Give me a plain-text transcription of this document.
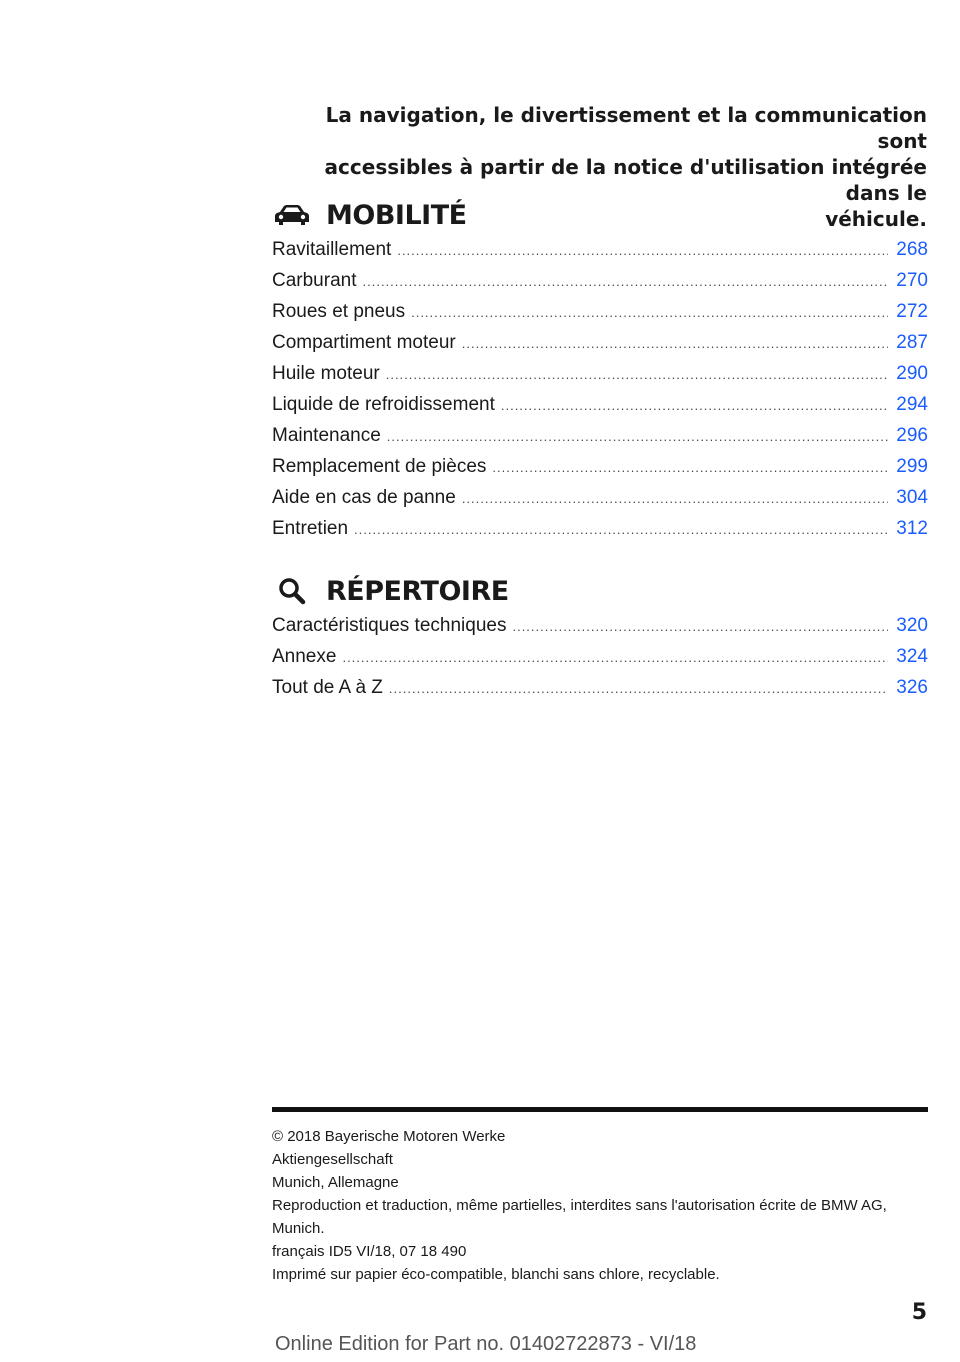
La navigation, le divertissement et la communication sont
accessibles à partir de la notice d'utilisation intégrée dans le
véhicule.
MOBILITÉ
Ravitaillement .....	268
Carburant .....	270
Roues et pneus .....	272
Compartiment moteur .....	287
Huile moteur .....	290
Liquide de refroidissement .....	294
Maintenance .....	296
Remplacement de pièces .....	299
Aide en cas de panne .....	304
Entretien .....	312
RÉPERTOIRE
Caractéristiques techniques .....	320
Annexe .....	324
Tout de A à Z .....	326
© 2018 Bayerische Motoren Werke
Aktiengesellschaft
Munich, Allemagne
Reproduction et traduction, même partielles, interdites sans l'autorisation écrite de BMW AG,
Munich.
français ID5 VI/18, 07 18 490
Imprimé sur papier éco-compatible, blanchi sans chlore, recyclable.
5
Online Edition for Part no. 01402722873 - VI/18
